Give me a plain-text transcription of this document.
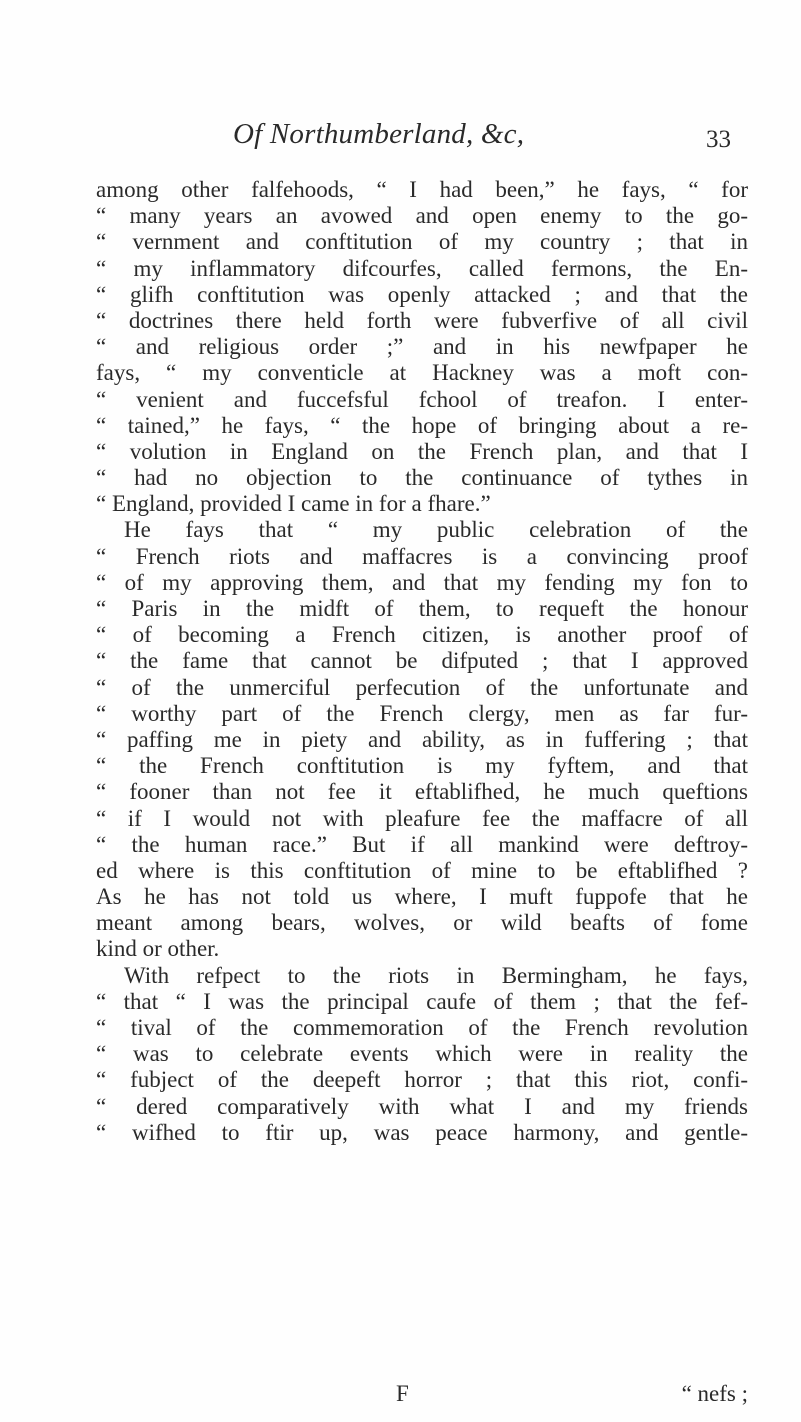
Of Northumberland, &c,	33
among other falfehoods, “ I had been,” he fays, “ for
“ many years an avowed and open enemy to the go-
“ vernment and conftitution of my country ; that in
“ my inflammatory difcourfes, called fermons, the En-
“ glifh conftitution was openly attacked ; and that the
“ doctrines there held forth were fubverfive of all civil
“ and religious order ;” and in his newfpaper he
fays, “ my conventicle at Hackney was a moft con-
“ venient and fuccefsful fchool of treafon. I enter-
“ tained,” he fays, “ the hope of bringing about a re-
“ volution in England on the French plan, and that I
“ had no objection to the continuance of tythes in
“ England, provided I came in for a fhare.”
He fays that “ my public celebration of the
“ French riots and maffacres is a convincing proof
“ of my approving them, and that my fending my fon to
“ Paris in the midft of them, to requeft the honour
“ of becoming a French citizen, is another proof of
“ the fame that cannot be difputed ; that I approved
“ of the unmerciful perfecution of the unfortunate and
“ worthy part of the French clergy, men as far fur-
“ paffing me in piety and ability, as in fuffering ; that
“ the French conftitution is my fyftem, and that
“ fooner than not fee it eftablifhed, he much queftions
“ if I would not with pleafure fee the maffacre of all
“ the human race.” But if all mankind were deftroy-
ed where is this conftitution of mine to be eftablifhed ?
As he has not told us where, I muft fuppofe that he
meant among bears, wolves, or wild beafts of fome
kind or other.
With refpect to the riots in Bermingham, he fays,
“ that “ I was the principal caufe of them ; that the fef-
“ tival of the commemoration of the French revolution
“ was to celebrate events which were in reality the
“ fubject of the deepeft horror ; that this riot, confi-
“ dered comparatively with what I and my friends
“ wifhed to ftir up, was peace harmony, and gentle-
F	“ nefs ;
